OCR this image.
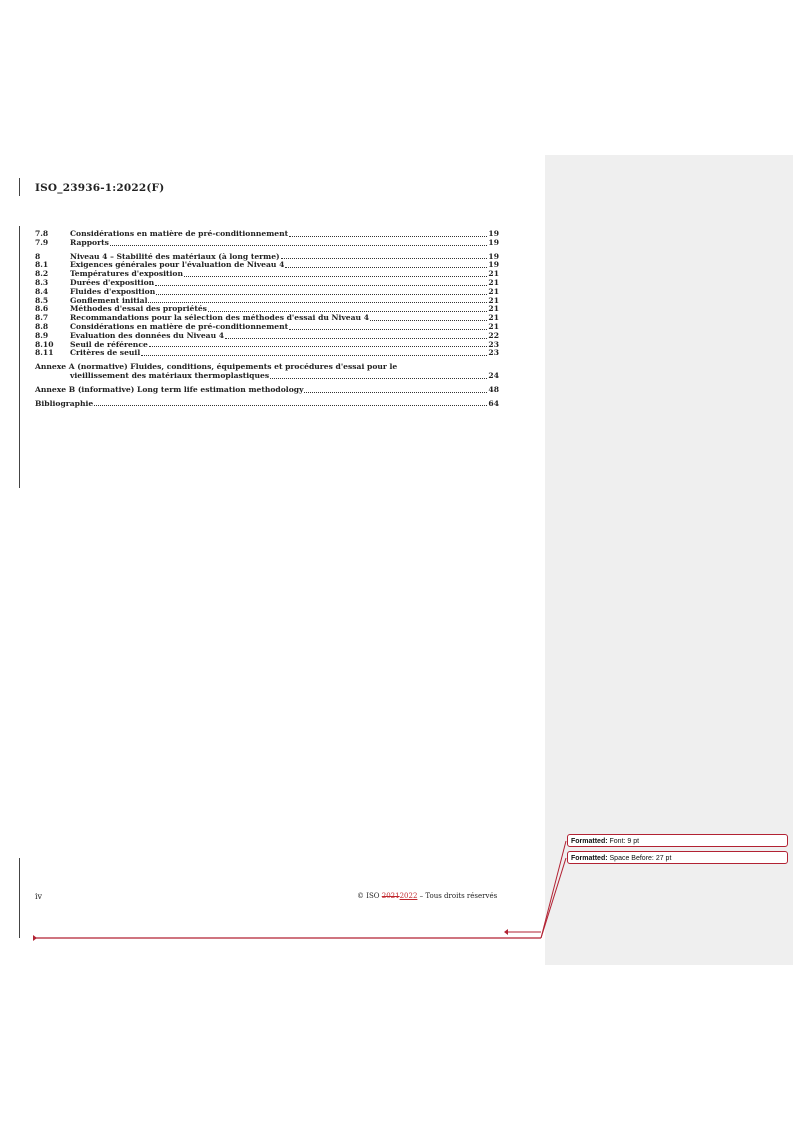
ISO_23936-1:2022(F)
7.8	Considérations en matière de pré-conditionnement	19
7.9	Rapports	19
8	Niveau 4 – Stabilité des matériaux (à long terme)	19
8.1	Exigences générales pour l'évaluation de Niveau 4	19
8.2	Températures d'exposition	21
8.3	Durées d'exposition	21
8.4	Fluides d'exposition	21
8.5	Gonflement initial	21
8.6	Méthodes d'essai des propriétés	21
8.7	Recommandations pour la sélection des méthodes d'essai du Niveau 4	21
8.8	Considérations en matière de pré-conditionnement	21
8.9	Évaluation des données du Niveau 4	22
8.10	Seuil de référence	23
8.11	Critères de seuil	23
Annexe A (normative) Fluides, conditions, équipements et procédures d'essai pour le
vieillissement des matériaux thermoplastiques	24
Annexe B (informative) Long term life estimation methodology	48
Bibliographie	64
iv	© ISO 20212022 – Tous droits réservés
Formatted: Font: 9 pt
Formatted: Space Before: 27 pt
